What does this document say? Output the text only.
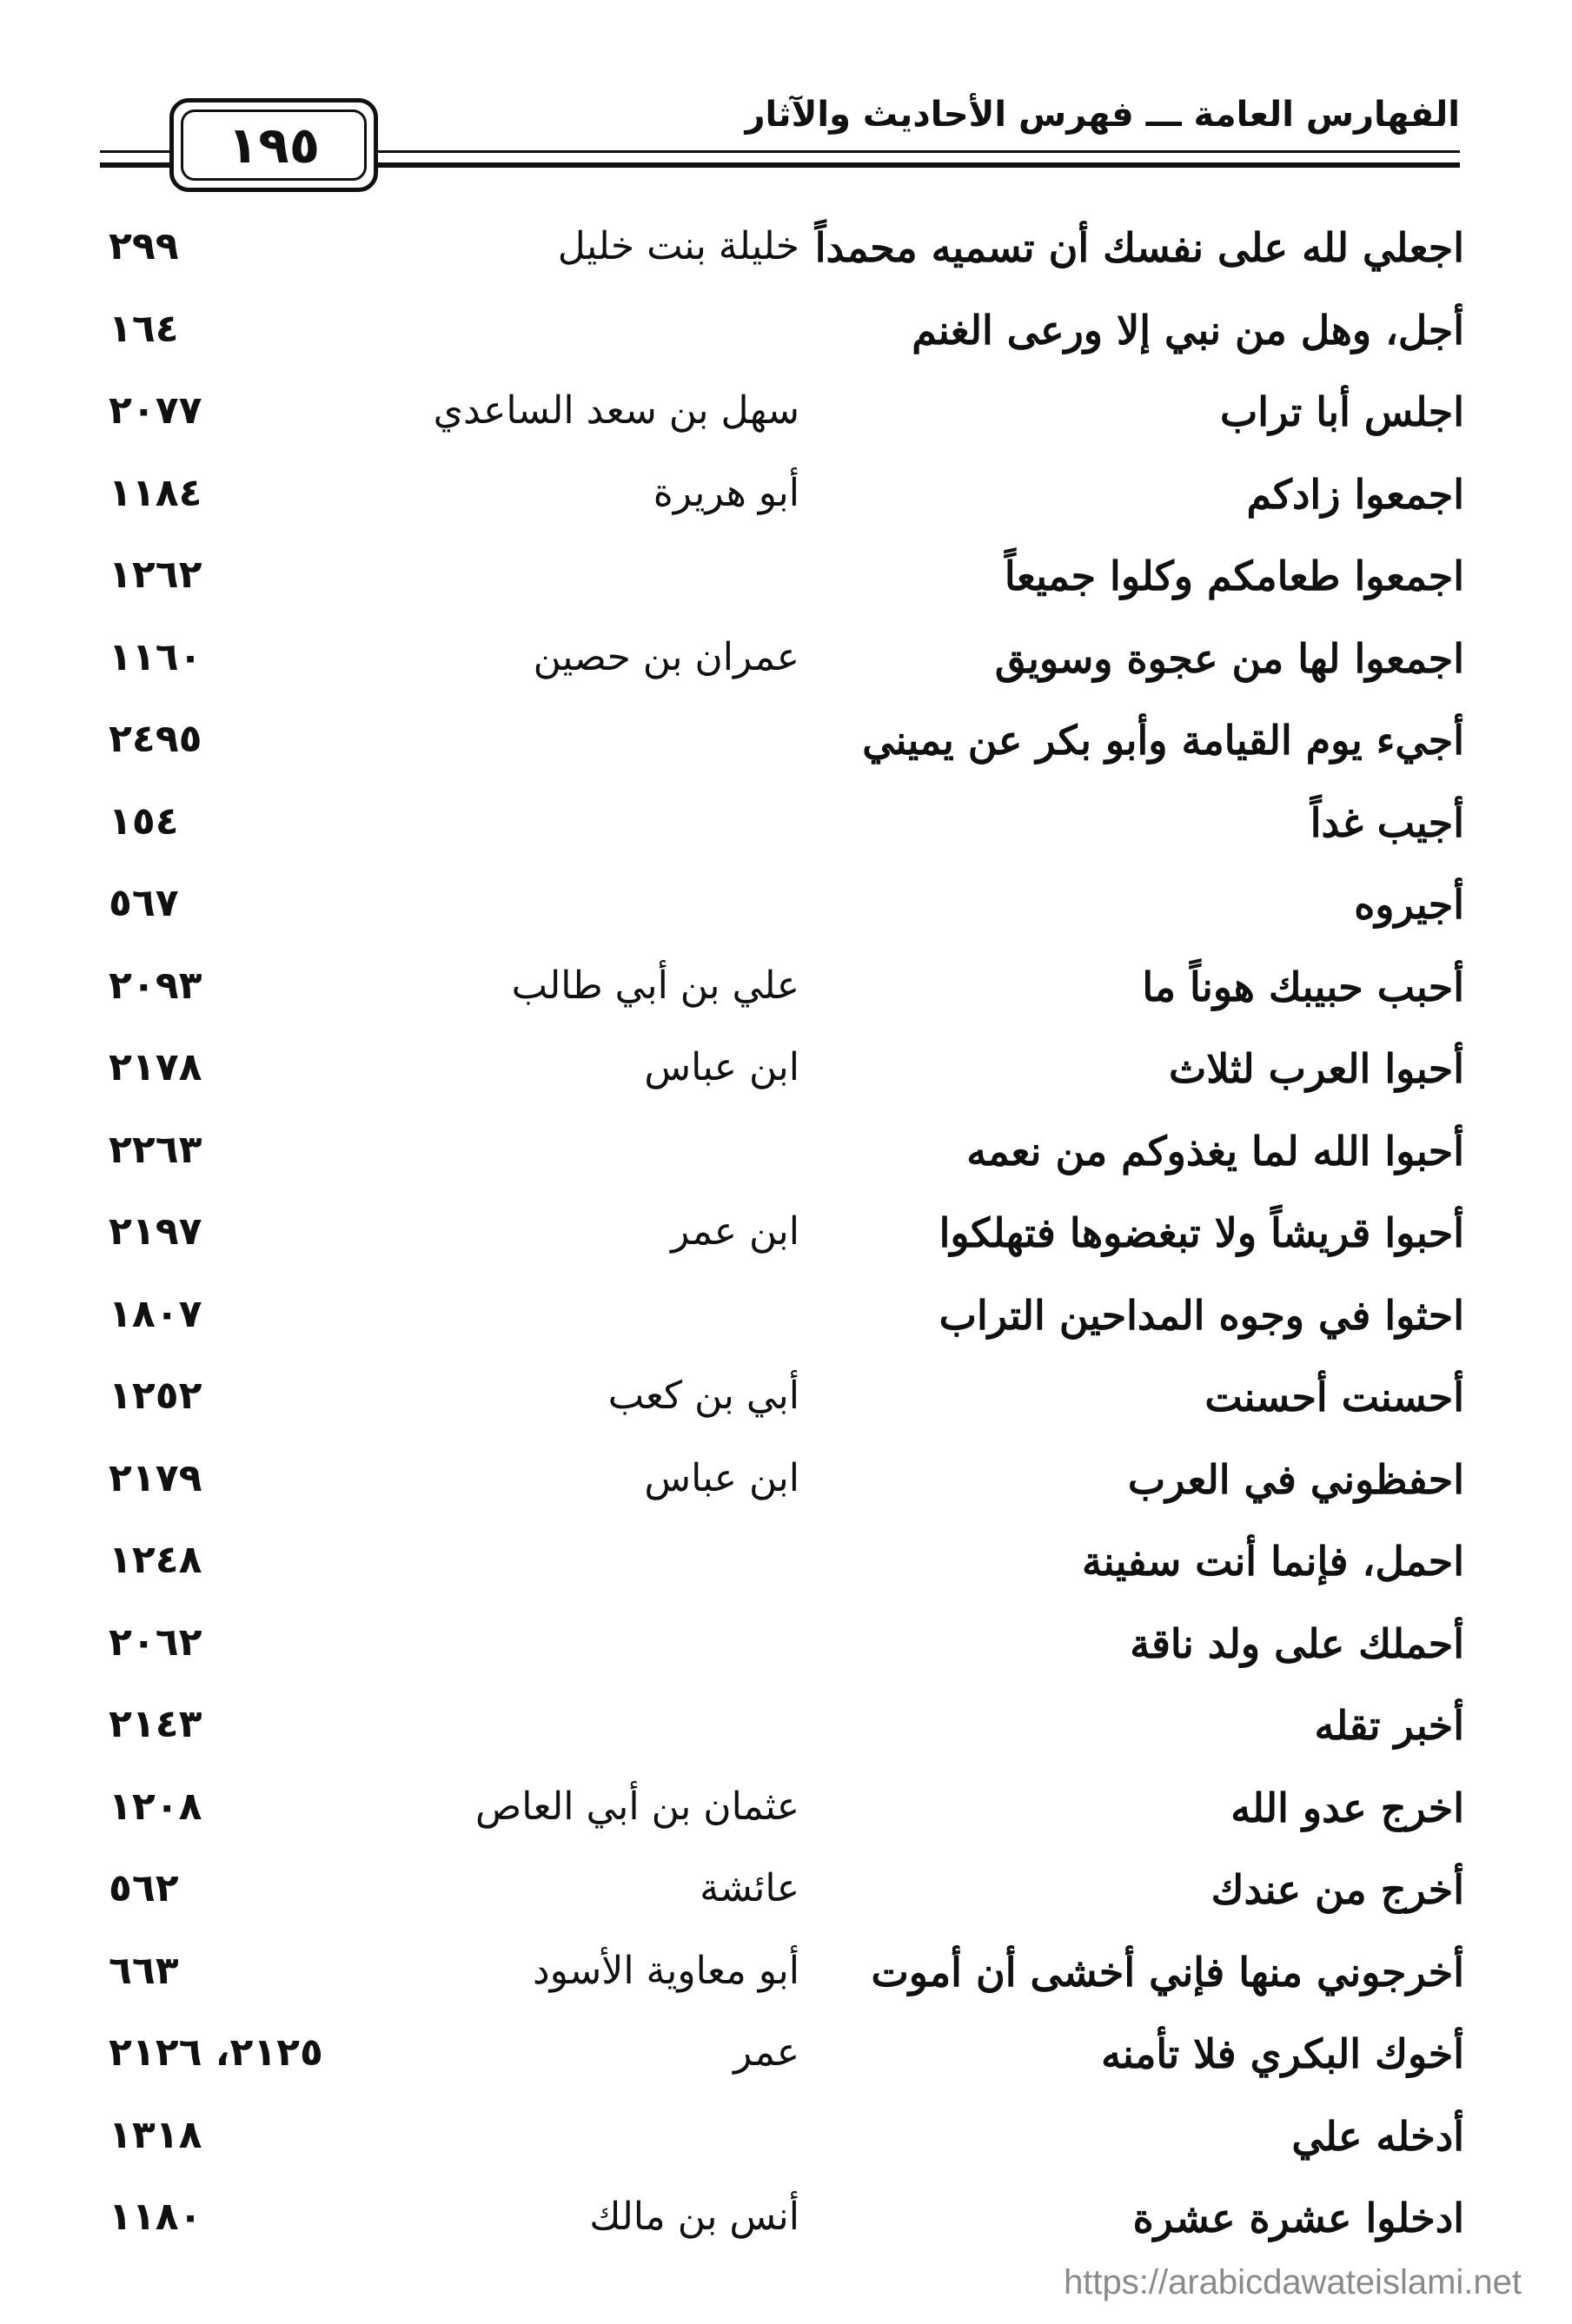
١٩٥
الفهارس العامة ـــ فهرس الأحاديث والآثار
اجعلي لله على نفسك أن تسميه محمداً
خليلة بنت خليل
٢٩٩
أجل، وهل من نبي إلا ورعى الغنم
١٦٤
اجلس أبا تراب
سهل بن سعد الساعدي
٢٠٧٧
اجمعوا زادكم
أبو هريرة
١١٨٤
اجمعوا طعامكم وكلوا جميعاً
١٢٦٢
اجمعوا لها من عجوة وسويق
عمران بن حصين
١١٦٠
أجيء يوم القيامة وأبو بكر عن يميني
٢٤٩٥
أجيب غداً
١٥٤
أجيروه
٥٦٧
أحبب حبيبك هوناً ما
علي بن أبي طالب
٢٠٩٣
أحبوا العرب لثلاث
ابن عباس
٢١٧٨
أحبوا الله لما يغذوكم من نعمه
٢٢٦٣
أحبوا قريشاً ولا تبغضوها فتهلكوا
ابن عمر
٢١٩٧
احثوا في وجوه المداحين التراب
١٨٠٧
أحسنت أحسنت
أبي بن كعب
١٢٥٢
احفظوني في العرب
ابن عباس
٢١٧٩
احمل، فإنما أنت سفينة
١٢٤٨
أحملك على ولد ناقة
٢٠٦٢
أخبر تقله
٢١٤٣
اخرج عدو الله
عثمان بن أبي العاص
١٢٠٨
أخرج من عندك
عائشة
٥٦٢
أخرجوني منها فإني أخشى أن أموت
أبو معاوية الأسود
٦٦٣
أخوك البكري فلا تأمنه
عمر
٢١٢٥، ٢١٢٦
أدخله علي
١٣١٨
ادخلوا عشرة عشرة
أنس بن مالك
١١٨٠
https://arabicdawateislami.net
